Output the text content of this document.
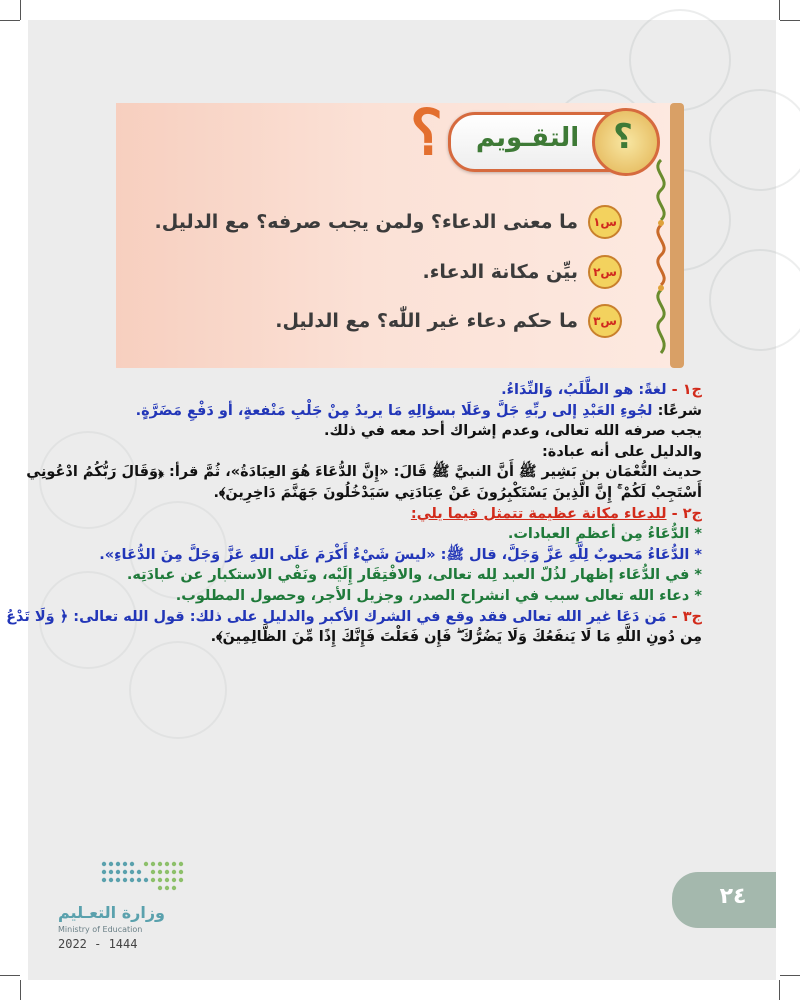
؟ التقـويم ؟
س١
ما معنى الدعاء؟ ولمن يجب صرفه؟ مع الدليل.
س٢
بيِّن مكانة الدعاء.
س٣
ما حكم دعاء غير اللّٰه؟ مع الدليل.
ج١ - لغةً: هو الطَّلَبُ، وَالنِّدَاءُ.
شرعًا: لجُوءِ العَبْدِ إلى ربِّهِ جَلَّ وعَلَا بسؤالِهِ مَا يريدُ مِنْ جَلْبِ مَنْفعةٍ، أو دَفْعِ مَضَرَّةٍ.
يجب صرفه الله تعالى، وعدم إشراك أحد معه في ذلك.
والدليل على أنه عبادة:
حديث النُّعْمَان بن بَشِير ﷺ أَنَّ النبيَّ ﷺ قَالَ: «إِنَّ الدُّعَاءَ هُوَ العِبَادَةُ»، ثُمَّ قرأ: ﴿وَقَالَ رَبُّكُمُ ادْعُونِي
أَسْتَجِبْ لَكُمْ ۚ إِنَّ الَّذِينَ يَسْتَكْبِرُونَ عَنْ عِبَادَتِي سَيَدْخُلُونَ جَهَنَّمَ دَاخِرِينَ﴾.
ج٢ - للدعاء مكانة عظيمة تتمثل فيما يلي:
* الدُّعَاءُ مِن أعظمِ العبادات.
* الدُّعَاءُ مَحبوبٌ لِلَّهِ عَزَّ وَجَلَّ، قال ﷺ: «ليسَ شَيْءٌ أَكْرَمَ عَلَى اللهِ عَزَّ وَجَلَّ مِنَ الدُّعَاءِ».
* في الدُّعَاء إظهار لذُلّ العبد لِله تعالى، والافْتِقَار إِلَيْه، ونَفْي الاستكبار عن عبادَتِه.
* دعاء الله تعالى سبب في انشراح الصدر، وجزيل الأجر، وحصول المطلوب.
ج٣ - مَن دَعَا غير الله تعالى فقد وقع في الشرك الأكبر والدليل على ذلك: قول الله تعالى: ﴿ وَلَا تَدْعُ
مِن دُونِ اللَّهِ مَا لَا يَنفَعُكَ وَلَا يَضُرُّكَ ۖ فَإِن فَعَلْتَ فَإِنَّكَ إِذًا مِّنَ الظَّالِمِينَ﴾.
٢٤
وزارة التعـليم
Ministry of Education
2022 - 1444
